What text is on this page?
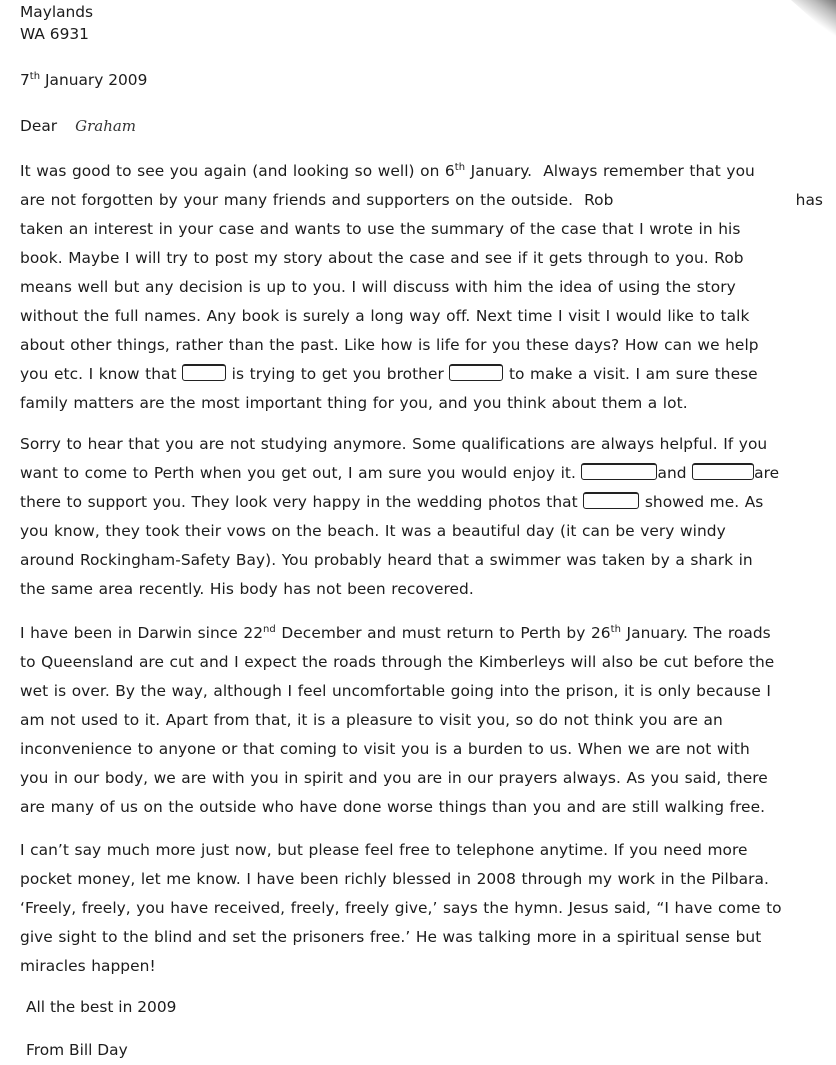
Maylands
WA 6931
7th January 2009
Dear Graham
It was good to see you again (and looking so well) on 6th January.  Always remember that you
are not forgotten by your many friends and supporters on the outside.  Rob	has
taken an interest in your case and wants to use the summary of the case that I wrote in his
book. Maybe I will try to post my story about the case and see if it gets through to you. Rob
means well but any decision is up to you. I will discuss with him the idea of using the story
without the full names. Any book is surely a long way off. Next time I visit I would like to talk
about other things, rather than the past. Like how is life for you these days? How can we help
you etc. I know that	is trying to get you brother	to make a visit. I am sure these
family matters are the most important thing for you, and you think about them a lot.
Sorry to hear that you are not studying anymore. Some qualifications are always helpful. If you
want to come to Perth when you get out, I am sure you would enjoy it.	and	are
there to support you. They look very happy in the wedding photos that	showed me. As
you know, they took their vows on the beach. It was a beautiful day (it can be very windy
around Rockingham-Safety Bay). You probably heard that a swimmer was taken by a shark in
the same area recently. His body has not been recovered.
I have been in Darwin since 22nd December and must return to Perth by 26th January. The roads
to Queensland are cut and I expect the roads through the Kimberleys will also be cut before the
wet is over. By the way, although I feel uncomfortable going into the prison, it is only because I
am not used to it. Apart from that, it is a pleasure to visit you, so do not think you are an
inconvenience to anyone or that coming to visit you is a burden to us. When we are not with
you in our body, we are with you in spirit and you are in our prayers always. As you said, there
are many of us on the outside who have done worse things than you and are still walking free.
I can’t say much more just now, but please feel free to telephone anytime. If you need more
pocket money, let me know. I have been richly blessed in 2008 through my work in the Pilbara.
‘Freely, freely, you have received, freely, freely give,’ says the hymn. Jesus said, “I have come to
give sight to the blind and set the prisoners free.’ He was talking more in a spiritual sense but
miracles happen!
All the best in 2009
From Bill Day
